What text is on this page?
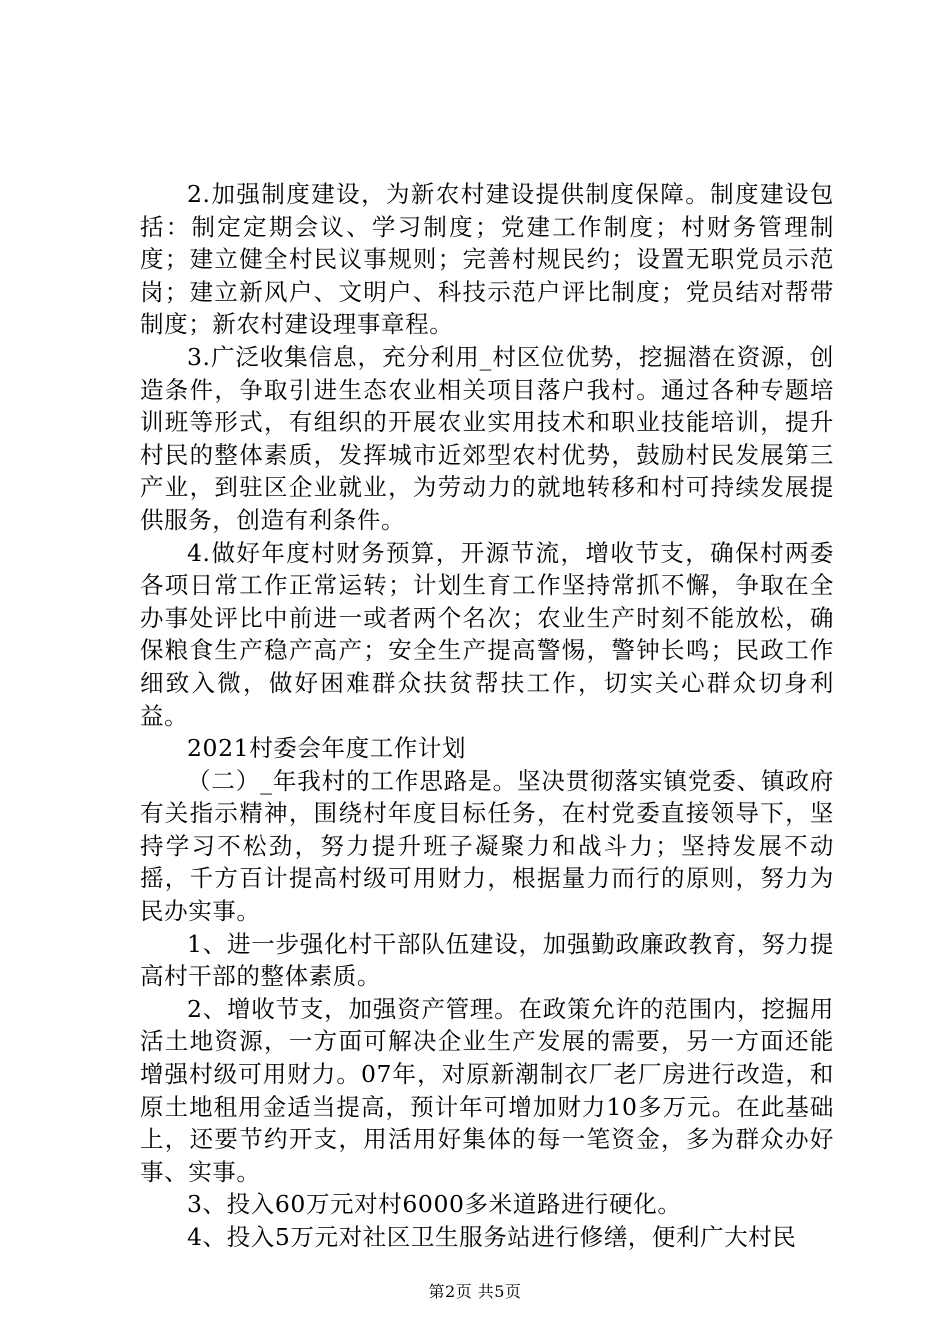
2.加强制度建设，为新农村建设提供制度保障。制度建设包括：制定定期会议、学习制度；党建工作制度；村财务管理制度；建立健全村民议事规则；完善村规民约；设置无职党员示范岗；建立新风户、文明户、科技示范户评比制度；党员结对帮带制度；新农村建设理事章程。

3.广泛收集信息，充分利用_村区位优势，挖掘潜在资源，创造条件，争取引进生态农业相关项目落户我村。通过各种专题培训班等形式，有组织的开展农业实用技术和职业技能培训，提升村民的整体素质，发挥城市近郊型农村优势，鼓励村民发展第三产业，到驻区企业就业，为劳动力的就地转移和村可持续发展提供服务，创造有利条件。

4.做好年度村财务预算，开源节流，增收节支，确保村两委各项日常工作正常运转；计划生育工作坚持常抓不懈，争取在全办事处评比中前进一或者两个名次；农业生产时刻不能放松，确保粮食生产稳产高产；安全生产提高警惕，警钟长鸣；民政工作细致入微，做好困难群众扶贫帮扶工作，切实关心群众切身利益。

2021村委会年度工作计划

（二）_年我村的工作思路是。坚决贯彻落实镇党委、镇政府有关指示精神，围绕村年度目标任务，在村党委直接领导下，坚持学习不松劲，努力提升班子凝聚力和战斗力；坚持发展不动摇，千方百计提高村级可用财力，根据量力而行的原则，努力为民办实事。

1、进一步强化村干部队伍建设，加强勤政廉政教育，努力提高村干部的整体素质。

2、增收节支，加强资产管理。在政策允许的范围内，挖掘用活土地资源，一方面可解决企业生产发展的需要，另一方面还能增强村级可用财力。07年，对原新潮制衣厂老厂房进行改造，和原土地租用金适当提高，预计年可增加财力10多万元。在此基础上，还要节约开支，用活用好集体的每一笔资金，多为群众办好事、实事。

3、投入60万元对村6000多米道路进行硬化。

4、投入5万元对社区卫生服务站进行修缮，便利广大村民

第2页 共5页
